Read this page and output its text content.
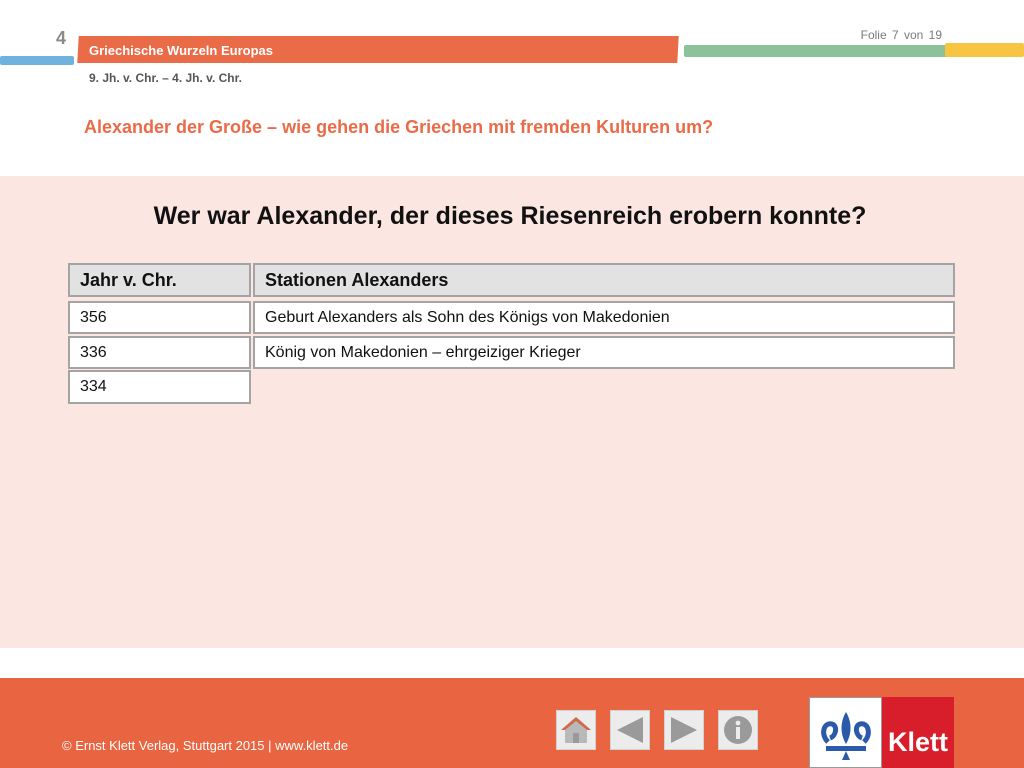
4
Griechische Wurzeln Europas
Folie 7 von 19
9. Jh. v. Chr. – 4. Jh. v. Chr.
Alexander der Große – wie gehen die Griechen mit fremden Kulturen um?
Wer war Alexander, der dieses Riesenreich erobern konnte?
Jahr v. Chr.	Stationen Alexanders
356	Geburt Alexanders als Sohn des Königs von Makedonien
336	König von Makedonien – ehrgeiziger Krieger
334
© Ernst Klett Verlag, Stuttgart 2015 | www.klett.de	Klett
